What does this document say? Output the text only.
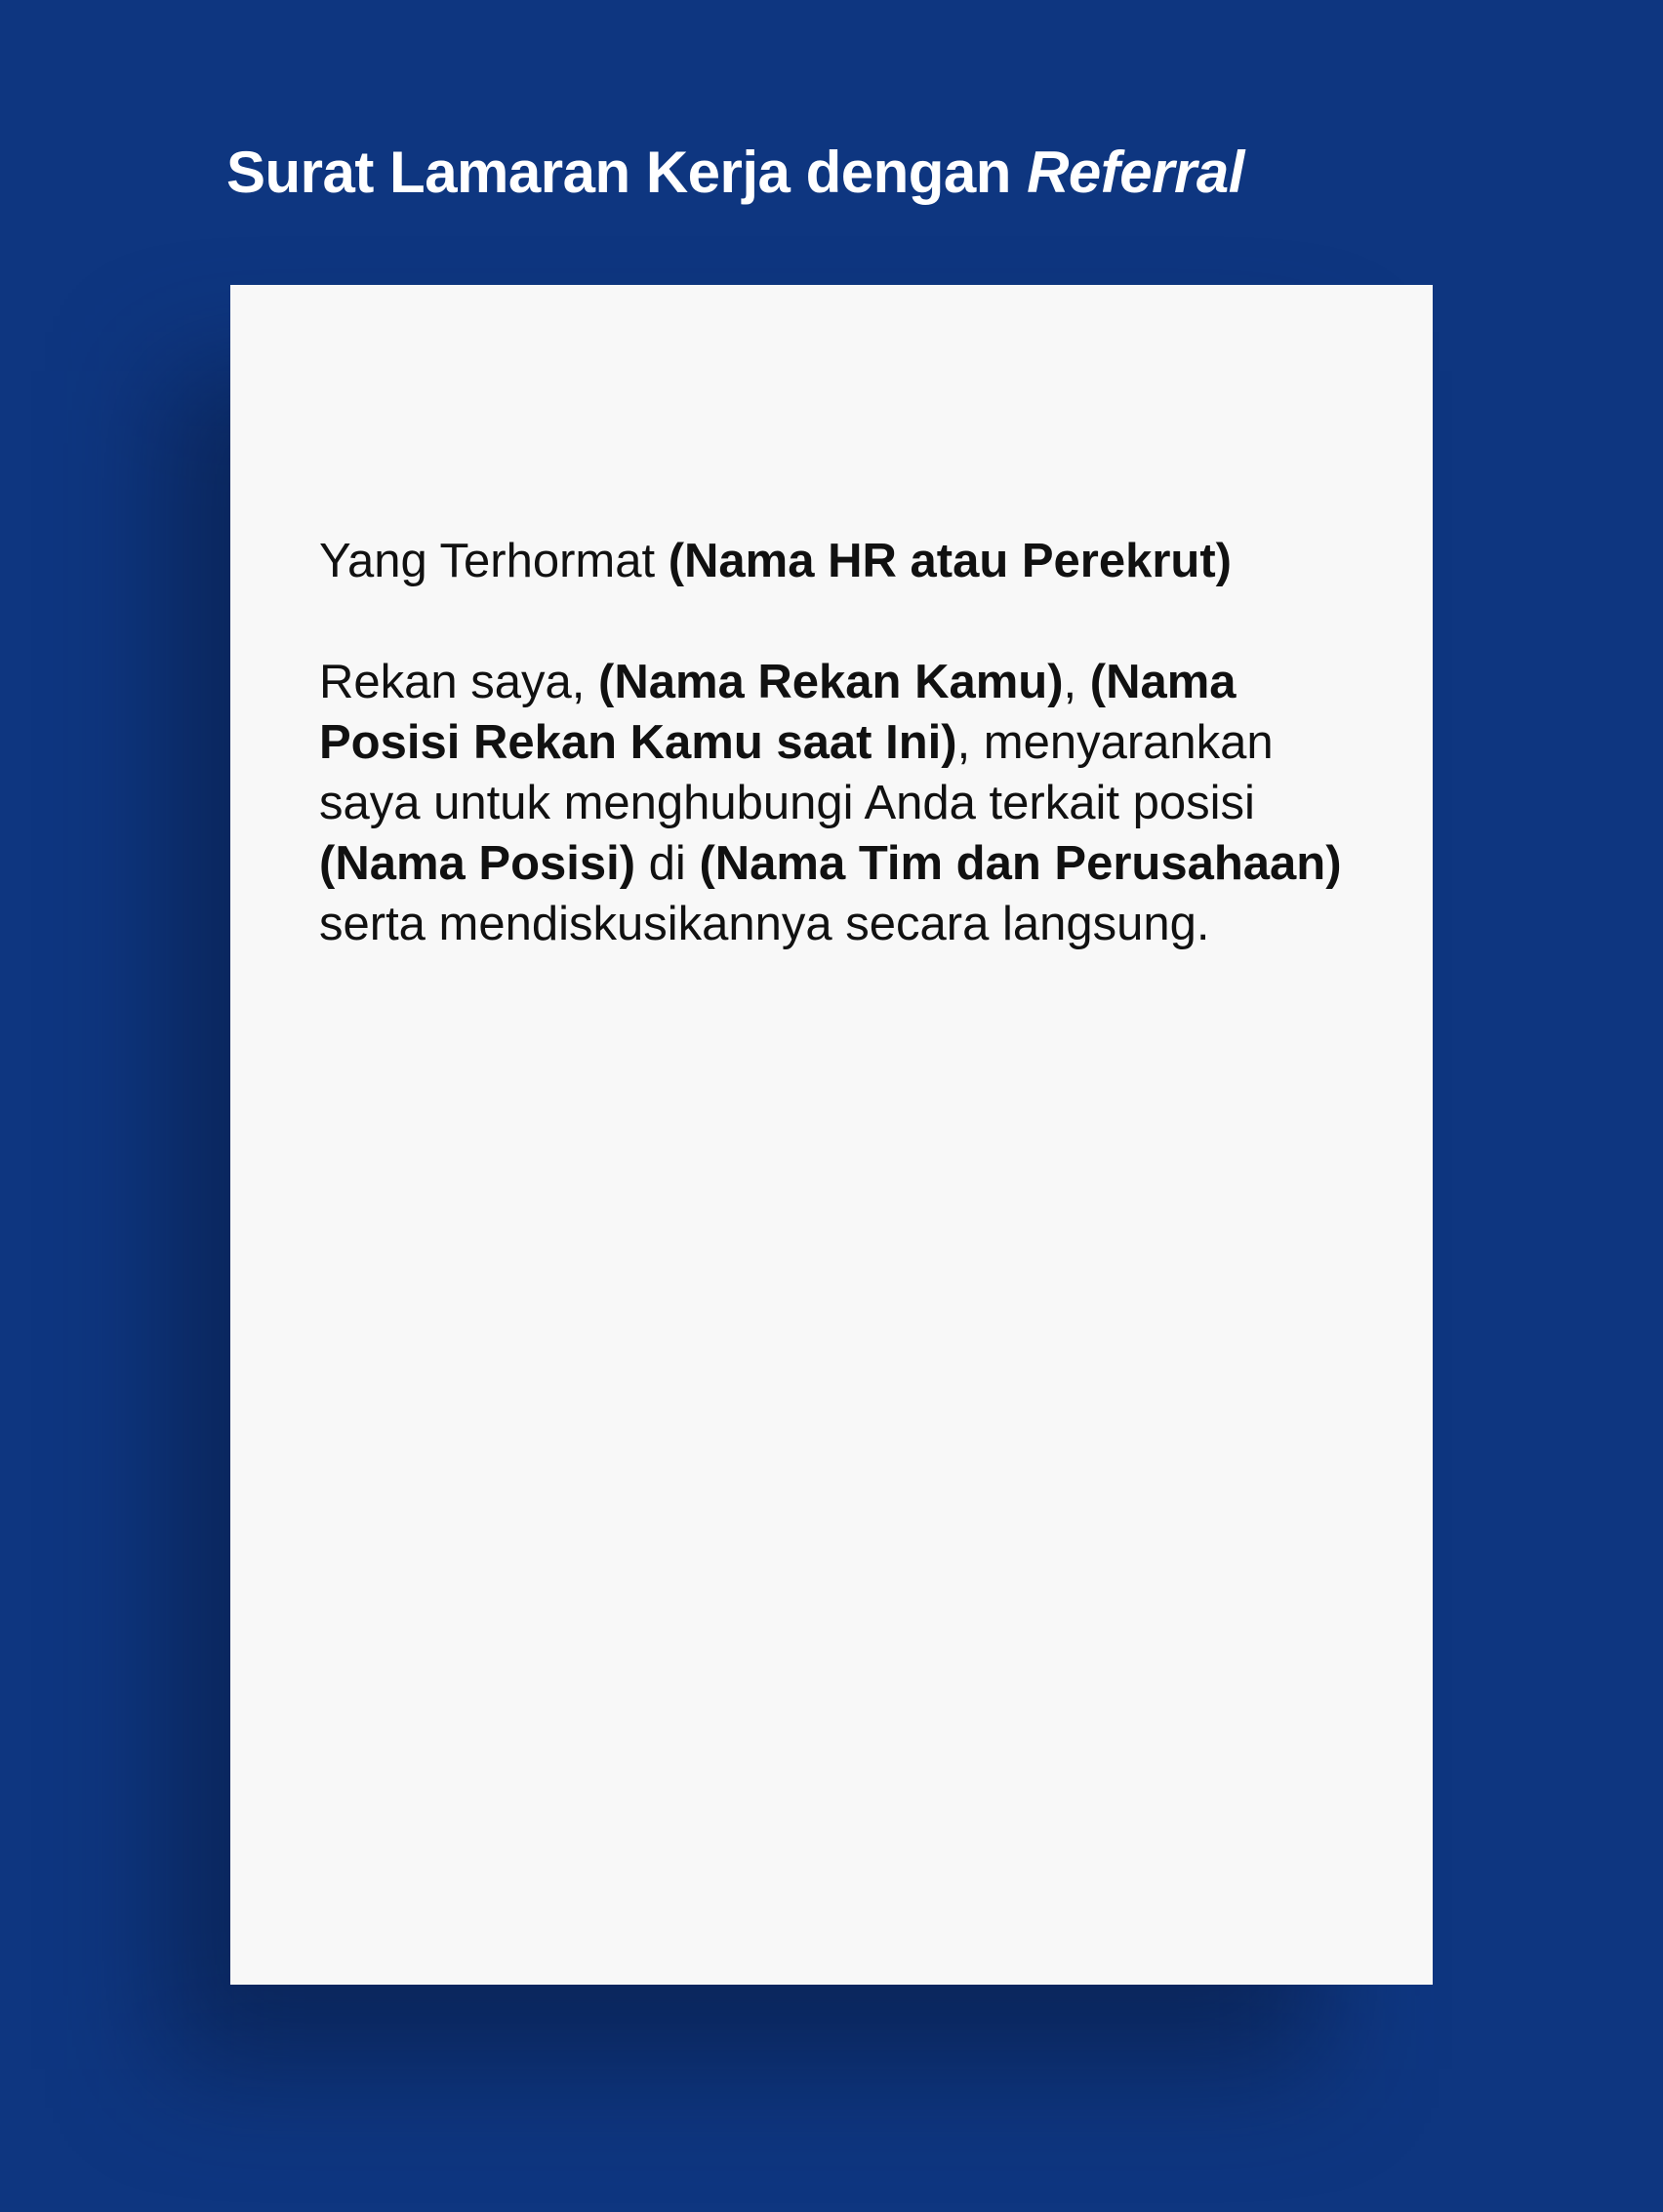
Surat Lamaran Kerja dengan Referral

Yang Terhormat (Nama HR atau Perekrut)

Rekan saya, (Nama Rekan Kamu), (Nama Posisi Rekan Kamu saat Ini), menyarankan saya untuk menghubungi Anda terkait posisi (Nama Posisi) di (Nama Tim dan Perusahaan) serta mendiskusikannya secara langsung.
